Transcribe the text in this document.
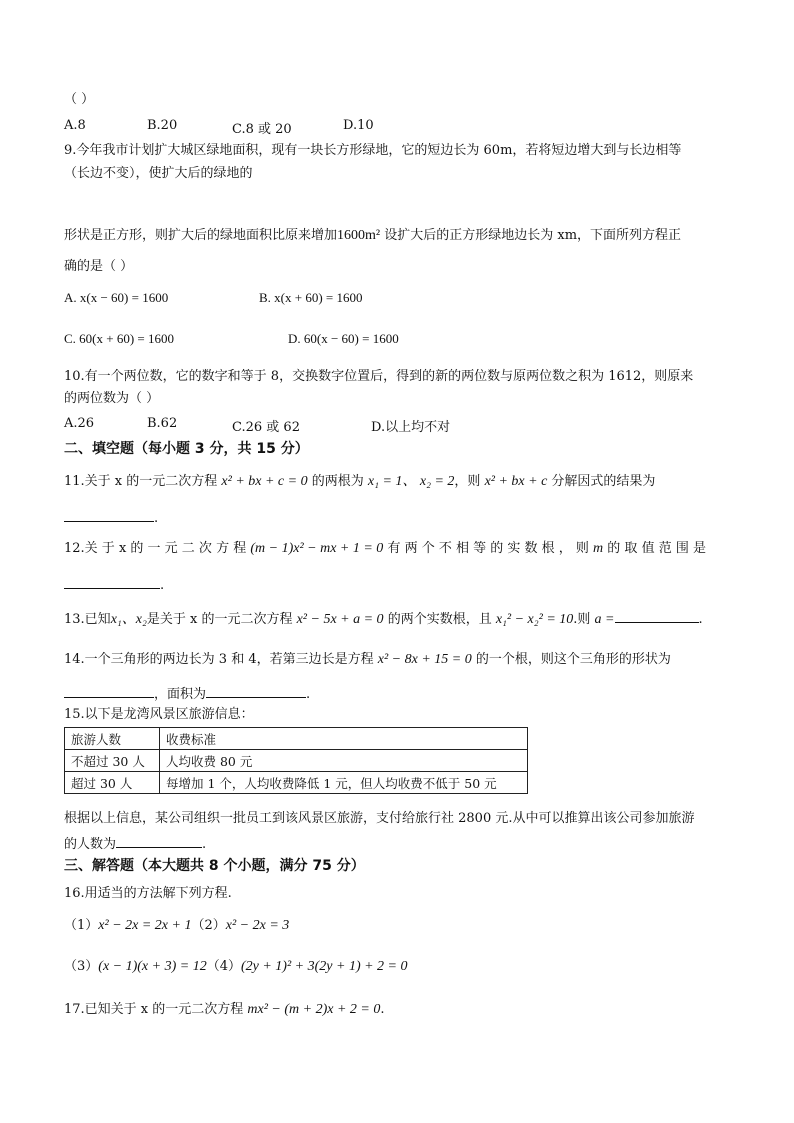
（ ）
A.8	B.20	C.8 或 20	D.10
9.今年我市计划扩大城区绿地面积，现有一块长方形绿地，它的短边长为 60m，若将短边增大到与长边相等
（长边不变），使扩大后的绿地的
形状是正方形，则扩大后的绿地面积比原来增加1600m² 设扩大后的正方形绿地边长为 xm，下面所列方程正
确的是（ ）
A. x(x − 60) = 1600	B. x(x + 60) = 1600
C. 60(x + 60) = 1600	D. 60(x − 60) = 1600
10.有一个两位数，它的数字和等于 8，交换数字位置后，得到的新的两位数与原两位数之积为 1612，则原来
的两位数为（ ）
A.26	B.62	C.26 或 62	D.以上均不对
二、填空题（每小题 3 分，共 15 分）
11.关于 x 的一元二次方程 x² + bx + c = 0 的两根为 x₁ = 1、 x₂ = 2，则 x² + bx + c 分解因式的结果为
.
12.关 于 x 的 一 元 二 次 方 程 (m − 1)x² − mx + 1 = 0 有 两 个 不 相 等 的 实 数 根 ， 则 m 的 取 值 范 围 是
.
13.已知x₁、x₂是关于 x 的一元二次方程 x² − 5x + a = 0 的两个实数根，且 x₁² − x₂² = 10.则 a =	.
14.一个三角形的两边长为 3 和 4，若第三边长是方程 x² − 8x + 15 = 0 的一个根，则这个三角形的形状为
，面积为	.
15.以下是龙湾风景区旅游信息：
旅游人数	收费标准
不超过 30 人	人均收费 80 元
超过 30 人	每增加 1 个，人均收费降低 1 元，但人均收费不低于 50 元
根据以上信息，某公司组织一批员工到该风景区旅游，支付给旅行社 2800 元.从中可以推算出该公司参加旅游
的人数为	.
三、解答题（本大题共 8 个小题，满分 75 分）
16.用适当的方法解下列方程.
（1）x² − 2x = 2x + 1（2）x² − 2x = 3
（3）(x − 1)(x + 3) = 12（4）(2y + 1)² + 3(2y + 1) + 2 = 0
17.已知关于 x 的一元二次方程 mx² − (m + 2)x + 2 = 0.
